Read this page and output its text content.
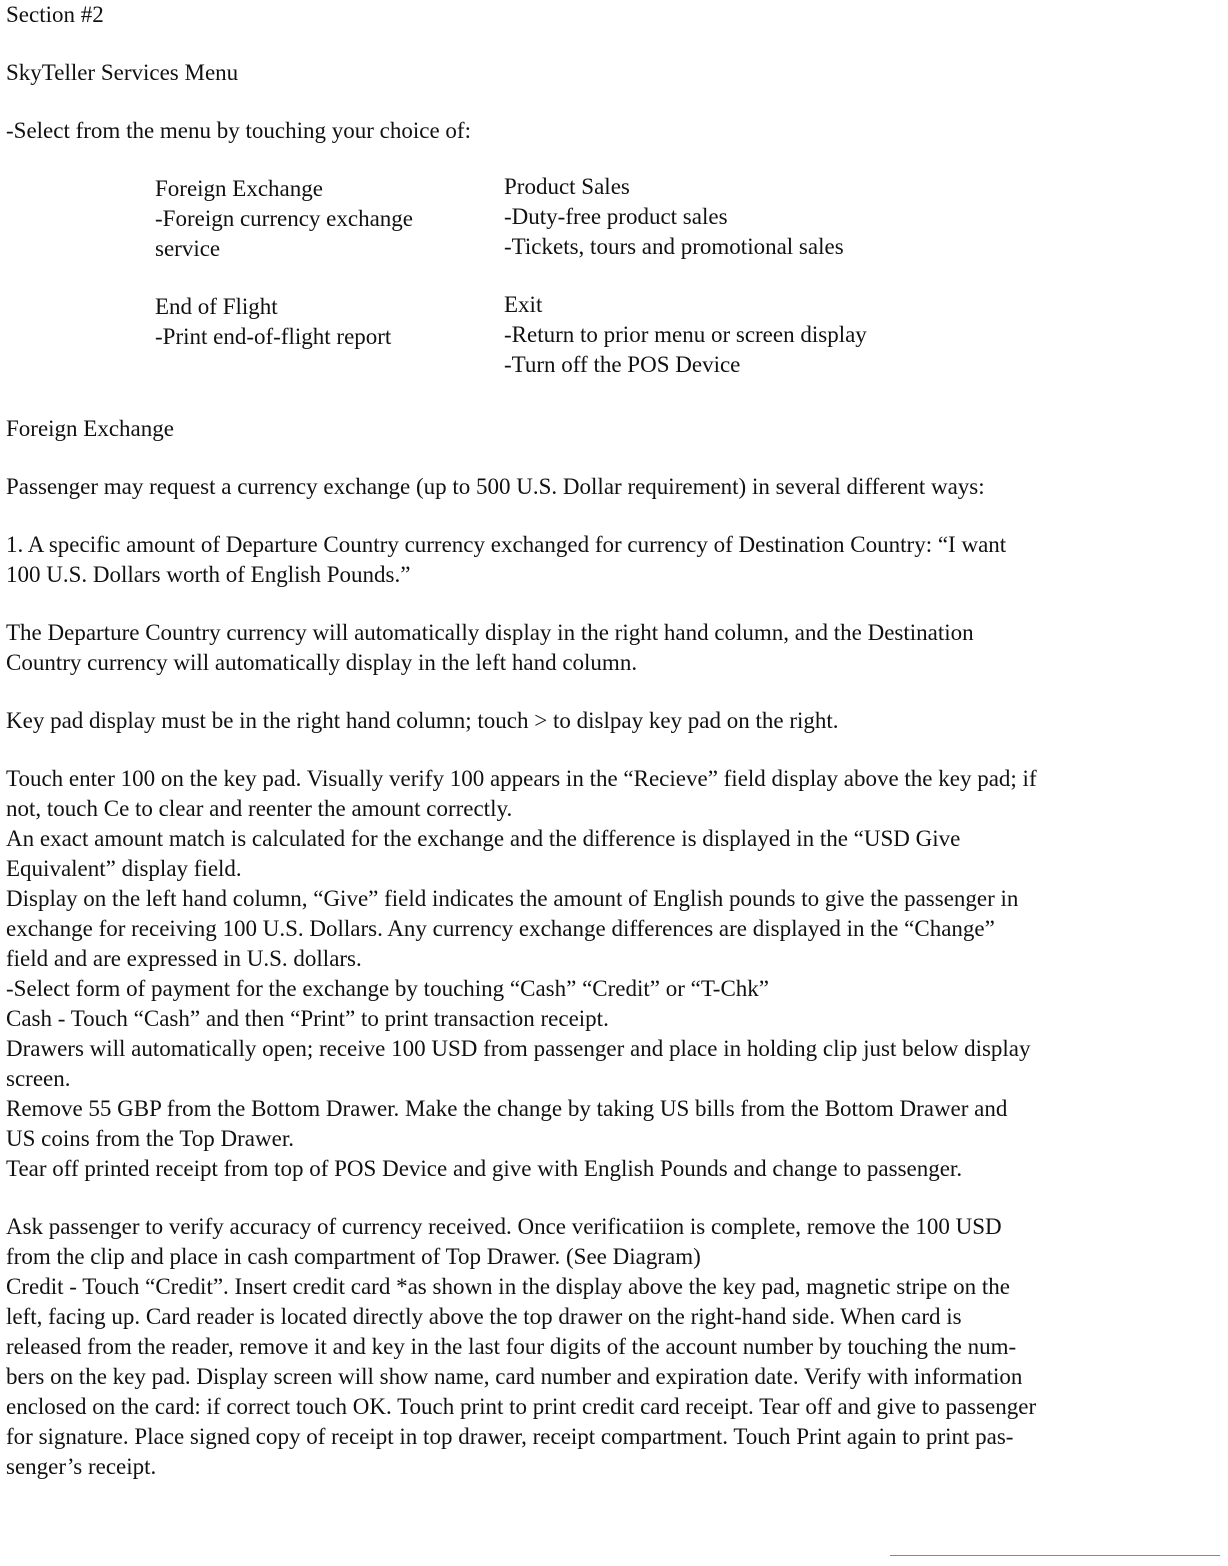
Section #2

SkyTeller Services Menu

-Select from the menu by touching your choice of:

Foreign Exchange

-Foreign currency exchange

service

Product Sales

-Duty-free product sales

-Tickets, tours and promotional sales

End of Flight

-Print end-of-flight report

Exit

-Return to prior menu or screen display

-Turn off the POS Device

Foreign Exchange

Passenger may request a currency exchange (up to 500 U.S. Dollar requirement) in several different ways:

1. A specific amount of Departure Country currency exchanged for currency of Destination Country: “I want

100 U.S. Dollars worth of English Pounds.”

The Departure Country currency will automatically display in the right hand column, and the Destination

Country currency will automatically display in the left hand column.

Key pad display must be in the right hand column; touch > to dislpay key pad on the right.

Touch enter 100 on the key pad. Visually verify 100 appears in the “Recieve” field display above the key pad; if

not, touch Ce to clear and reenter the amount correctly.

An exact amount match is calculated for the exchange and the difference is displayed in the “USD Give

Equivalent” display field.

Display on the left hand column, “Give” field indicates the amount of English pounds to give the passenger in

exchange for receiving 100 U.S. Dollars. Any currency exchange differences are displayed in the “Change”

field and are expressed in U.S. dollars.

-Select form of payment for the exchange by touching “Cash” “Credit” or “T-Chk”

Cash - Touch “Cash” and then “Print” to print transaction receipt.

Drawers will automatically open; receive 100 USD from passenger and place in holding clip just below display

screen.

Remove 55 GBP from the Bottom Drawer. Make the change by taking US bills from the Bottom Drawer and

US coins from the Top Drawer.

Tear off printed receipt from top of POS Device and give with English Pounds and change to passenger.

Ask passenger to verify accuracy of currency received. Once verificatiion is complete, remove the 100 USD

from the clip and place in cash compartment of Top Drawer. (See Diagram)

Credit - Touch “Credit”. Insert credit card *as shown in the display above the key pad, magnetic stripe on the

left, facing up. Card reader is located directly above the top drawer on the right-hand side. When card is

released from the reader, remove it and key in the last four digits of the account number by touching the num-

bers on the key pad. Display screen will show name, card number and expiration date. Verify with information

enclosed on the card: if correct touch OK. Touch print to print credit card receipt. Tear off and give to passenger

for signature. Place signed copy of receipt in top drawer, receipt compartment. Touch Print again to print pas-

senger’s receipt.
